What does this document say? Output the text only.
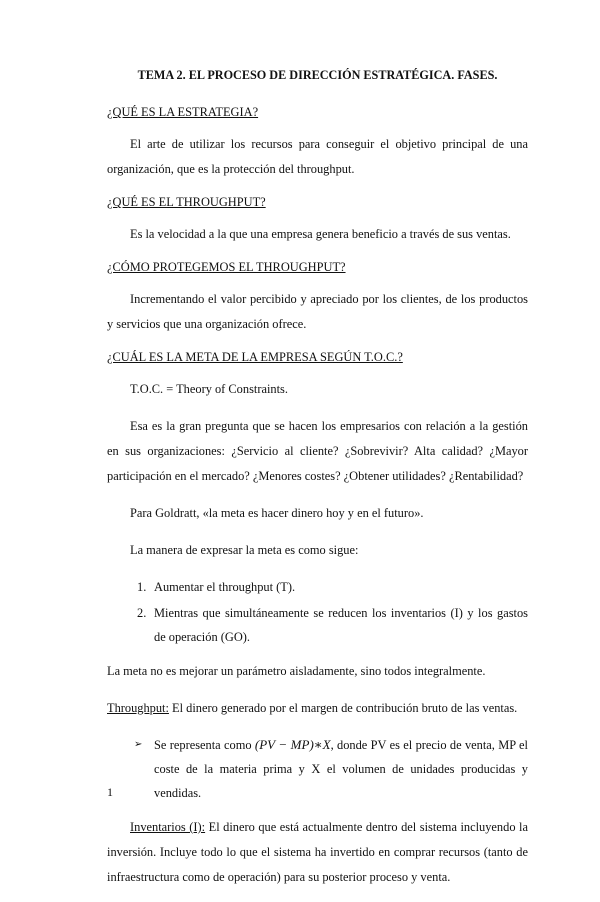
TEMA 2. EL PROCESO DE DIRECCIÓN ESTRATÉGICA. FASES.
¿QUÉ ES LA ESTRATEGIA?

El arte de utilizar los recursos para conseguir el objetivo principal de una organización, que es la protección del throughput.

¿QUÉ ES EL THROUGHPUT?

Es la velocidad a la que una empresa genera beneficio a través de sus ventas.

¿CÓMO PROTEGEMOS EL THROUGHPUT?

Incrementando el valor percibido y apreciado por los clientes, de los productos y servicios que una organización ofrece.

¿CUÁL ES LA META DE LA EMPRESA SEGÚN T.O.C.?

T.O.C. = Theory of Constraints.

Esa es la gran pregunta que se hacen los empresarios con relación a la gestión en sus organizaciones: ¿Servicio al cliente? ¿Sobrevivir? Alta calidad? ¿Mayor participación en el mercado? ¿Menores costes? ¿Obtener utilidades? ¿Rentabilidad?

Para Goldratt, «la meta es hacer dinero hoy y en el futuro».

La manera de expresar la meta es como sigue:

1. Aumentar el throughput (T).
2. Mientras que simultáneamente se reducen los inventarios (I) y los gastos de operación (GO).

La meta no es mejorar un parámetro aisladamente, sino todos integralmente.

Throughput: El dinero generado por el margen de contribución bruto de las ventas.

➢ Se representa como (PV − MP)∗X, donde PV es el precio de venta, MP el coste de la materia prima y X el volumen de unidades producidas y vendidas.

Inventarios (I): El dinero que está actualmente dentro del sistema incluyendo la inversión. Incluye todo lo que el sistema ha invertido en comprar recursos (tanto de infraestructura como de operación) para su posterior proceso y venta.

1
